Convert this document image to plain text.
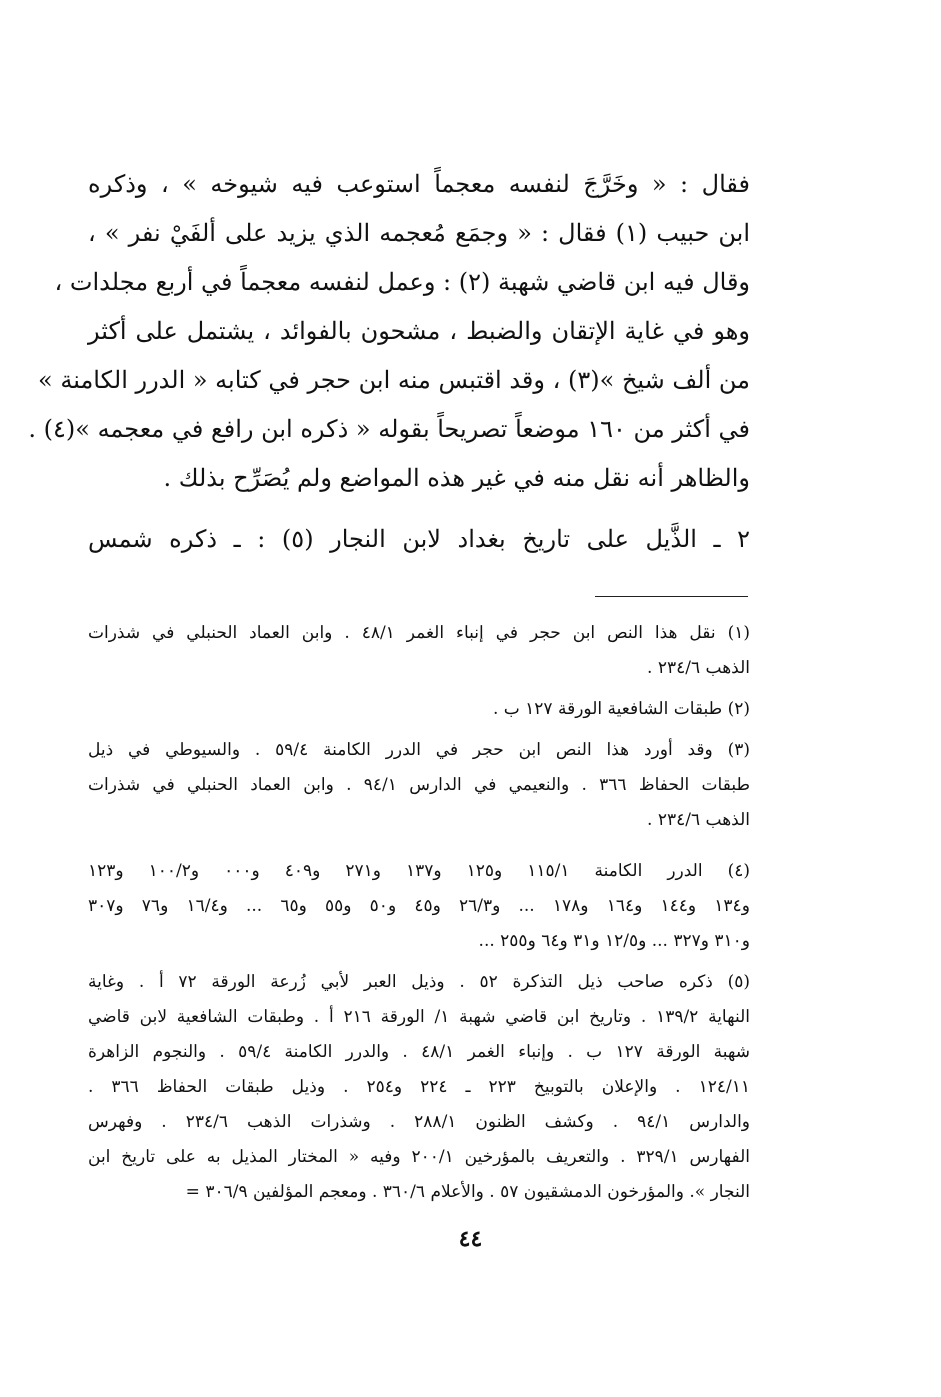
فقال : « وخَرَّجَ لنفسه معجماً استوعب فيه شيوخه » ، وذكره
ابن حبيب (١) فقال : « وجمَع مُعجمه الذي يزيد على ألفَيْ نفر » ،
وقال فيه ابن قاضي شهبة (٢) : وعمل لنفسه معجماً في أربع مجلدات ،
وهو في غاية الإتقان والضبط ، مشحون بالفوائد ، يشتمل على أكثر
من ألف شيخ »(٣) ، وقد اقتبس منه ابن حجر في كتابه « الدرر الكامنة »
في أكثر من ١٦٠ موضعاً تصريحاً بقوله « ذكره ابن رافع في معجمه »(٤) .
والظاهر أنه نقل منه في غير هذه المواضع ولم يُصَرِّح بذلك .
٢ ـ الذَّيل على تاريخ بغداد لابن النجار (٥) : ـ ذكره شمس
(١) نقل هذا النص ابن حجر في إنباء الغمر ٤٨/١ . وابن العماد الحنبلي في شذرات
الذهب ٢٣٤/٦ .
(٢) طبقات الشافعية الورقة ١٢٧ ب .
(٣) وقد أورد هذا النص ابن حجر في الدرر الكامنة ٥٩/٤ . والسيوطي في ذيل
طبقات الحفاظ ٣٦٦ . والنعيمي في الدارس ٩٤/١ . وابن العماد الحنبلي في شذرات
الذهب ٢٣٤/٦ .
(٤) الدرر الكامنة ١١٥/١ و١٢٥ و١٣٧ و٢٧١ و٤٠٩ و٠٠٠ و١٠٠/٢ و١٢٣
و١٣٤ و١٤٤ و١٦٤ و١٧٨ ... و٢٦/٣ و٤٥ و٥٠ و٥٥ و٦٥ ... و١٦/٤ و٧٦ و٣٠٧
و٣١٠ و٣٢٧ ... و١٢/٥ و٣١ و٦٤ و٢٥٥ ...
(٥) ذكره صاحب ذيل التذكرة ٥٢ . وذيل العبر لأبي زُرعة الورقة ٧٢ أ . وغاية
النهاية ١٣٩/٢ . وتاريخ ابن قاضي شهبة ١/ الورقة ٢١٦ أ . وطبقات الشافعية لابن قاضي
شهبة الورقة ١٢٧ ب . وإنباء الغمر ٤٨/١ . والدرر الكامنة ٥٩/٤ . والنجوم الزاهرة
١٢٤/١١ . والإعلان بالتوبيخ ٢٢٣ ـ ٢٢٤ و٢٥٤ . وذيل طبقات الحفاظ ٣٦٦ .
والدارس ٩٤/١ . وكشف الظنون ٢٨٨/١ . وشذرات الذهب ٢٣٤/٦ . وفهرس
الفهارس ٣٢٩/١ . والتعريف بالمؤرخين ٢٠٠/١ وفيه « المختار المذيل به على تاريخ ابن
النجار ». والمؤرخون الدمشقيون ٥٧ . والأعلام ٣٦٠/٦ . ومعجم المؤلفين ٣٠٦/٩ =
٤٤
